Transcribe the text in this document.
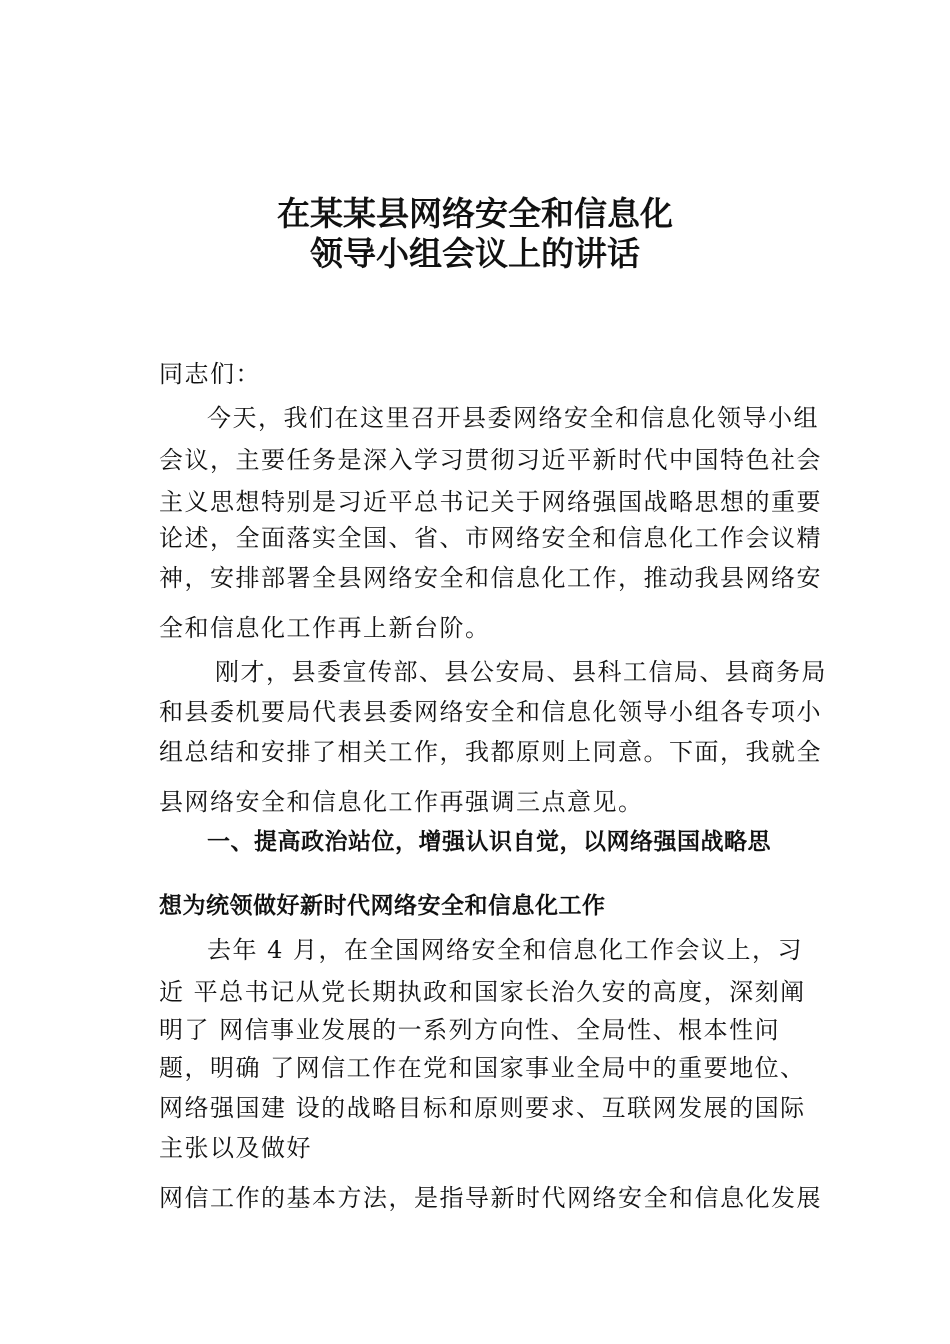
在某某县网络安全和信息化
领导小组会议上的讲话
同志们：
今天，我们在这里召开县委网络安全和信息化领导小组
会议，主要任务是深入学习贯彻习近平新时代中国特色社会
主义思想特别是习近平总书记关于网络强国战略思想的重要
论述，全面落实全国、省、市网络安全和信息化工作会议精
神，安排部署全县网络安全和信息化工作，推动我县网络安
全和信息化工作再上新台阶。
刚才，县委宣传部、县公安局、县科工信局、县商务局
和县委机要局代表县委网络安全和信息化领导小组各专项小
组总结和安排了相关工作，我都原则上同意。下面，我就全
县网络安全和信息化工作再强调三点意见。
一、提高政治站位，增强认识自觉，以网络强国战略思
想为统领做好新时代网络安全和信息化工作
去年 4 月，在全国网络安全和信息化工作会议上，习
近 平总书记从党长期执政和国家长治久安的高度，深刻阐
明了 网信事业发展的一系列方向性、全局性、根本性问
题，明确 了网信工作在党和国家事业全局中的重要地位、
网络强国建 设的战略目标和原则要求、互联网发展的国际
主张以及做好
网信工作的基本方法，是指导新时代网络安全和信息化发展
